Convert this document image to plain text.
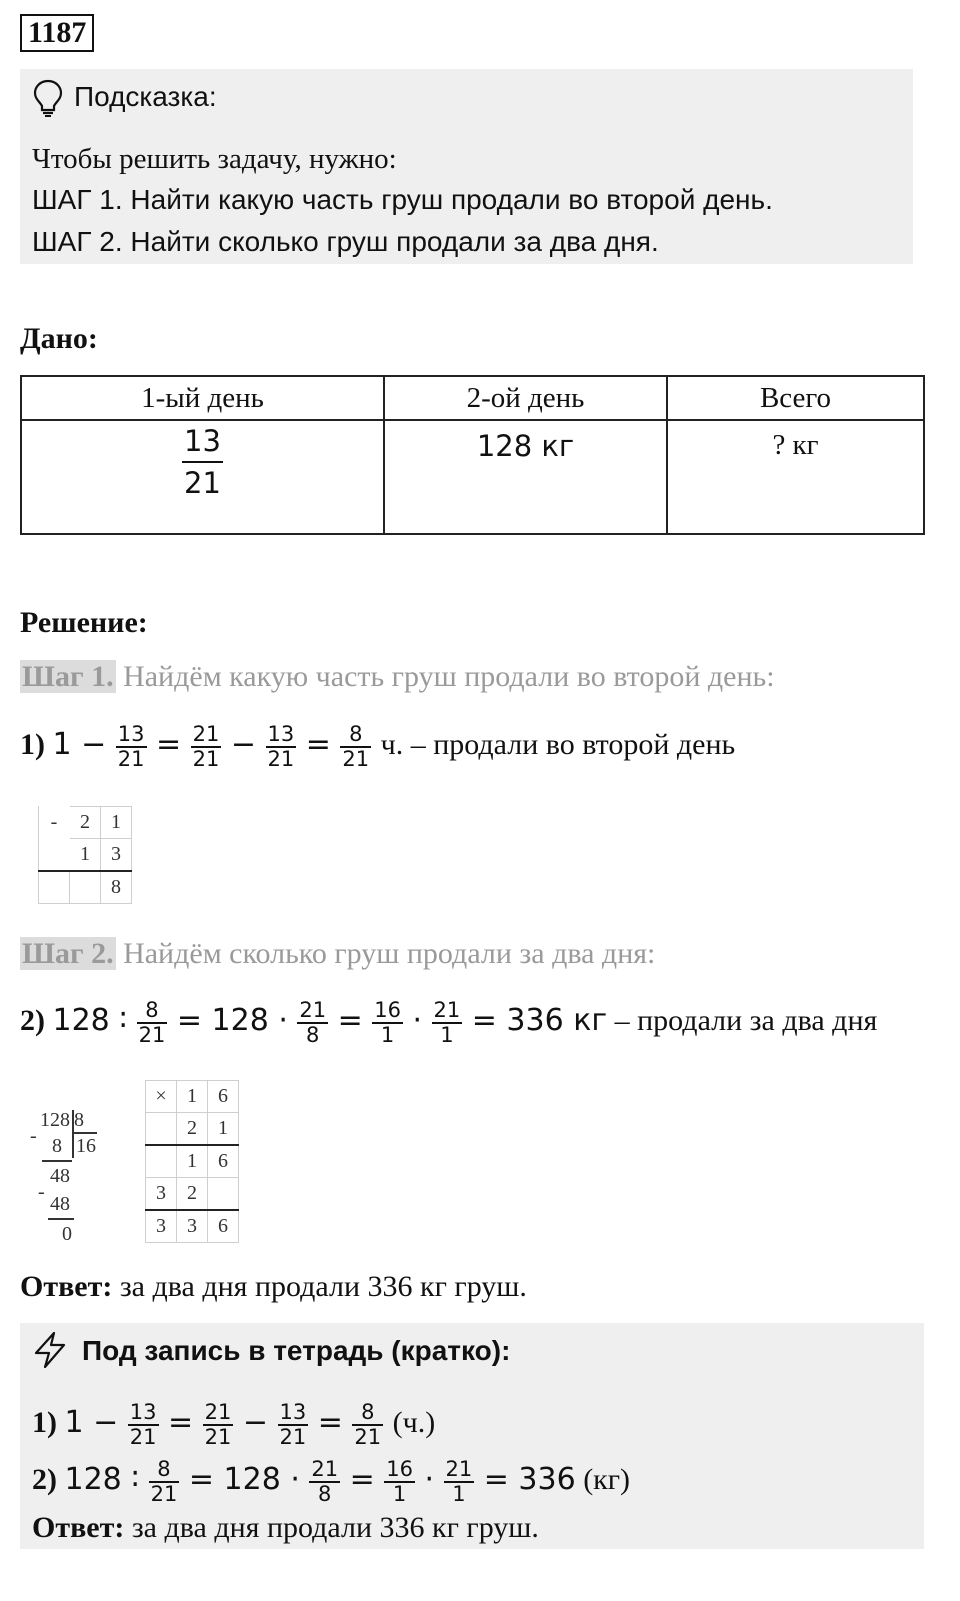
1187
Подсказка:
Чтобы решить задачу, нужно:
ШАГ 1. Найти какую часть груш продали во второй день.
ШАГ 2. Найти сколько груш продали за два дня.
Дано:
1-ый день	2-ой день	Всего

$\frac{13}{21}$	128 кг	? кг
Решение:
Шаг 1. Найдём какую часть груш продали во второй день:
1) $1 - \frac{13}{21} = \frac{21}{21} - \frac{13}{21} = \frac{8}{21} ч$. – продали во второй день
-	2	1
	1	3
		8
Шаг 2. Найдём сколько груш продали за два дня:
2) 128 ∶ $\frac{8}{21} = 128 \cdot \frac{21}{8} = \frac{16}{1} \cdot \frac{21}{1} = 336$ кг – продали за два дня
128 8
16
- 8
48
-
48
0
×	1	6
	2	1
	1	6
3	2	
3	3	6
Ответ: за два дня продали 336 кг груш.
Под запись в тетрадь (кратко):
1) $1 - \frac{13}{21} = \frac{21}{21} - \frac{13}{21} = \frac{8}{21} (ч.)$
2) 128 ∶ $\frac{8}{21} = 128 \cdot \frac{21}{8} = \frac{16}{1} \cdot \frac{21}{1} = 336$ (кг)
Ответ: за два дня продали 336 кг груш.
